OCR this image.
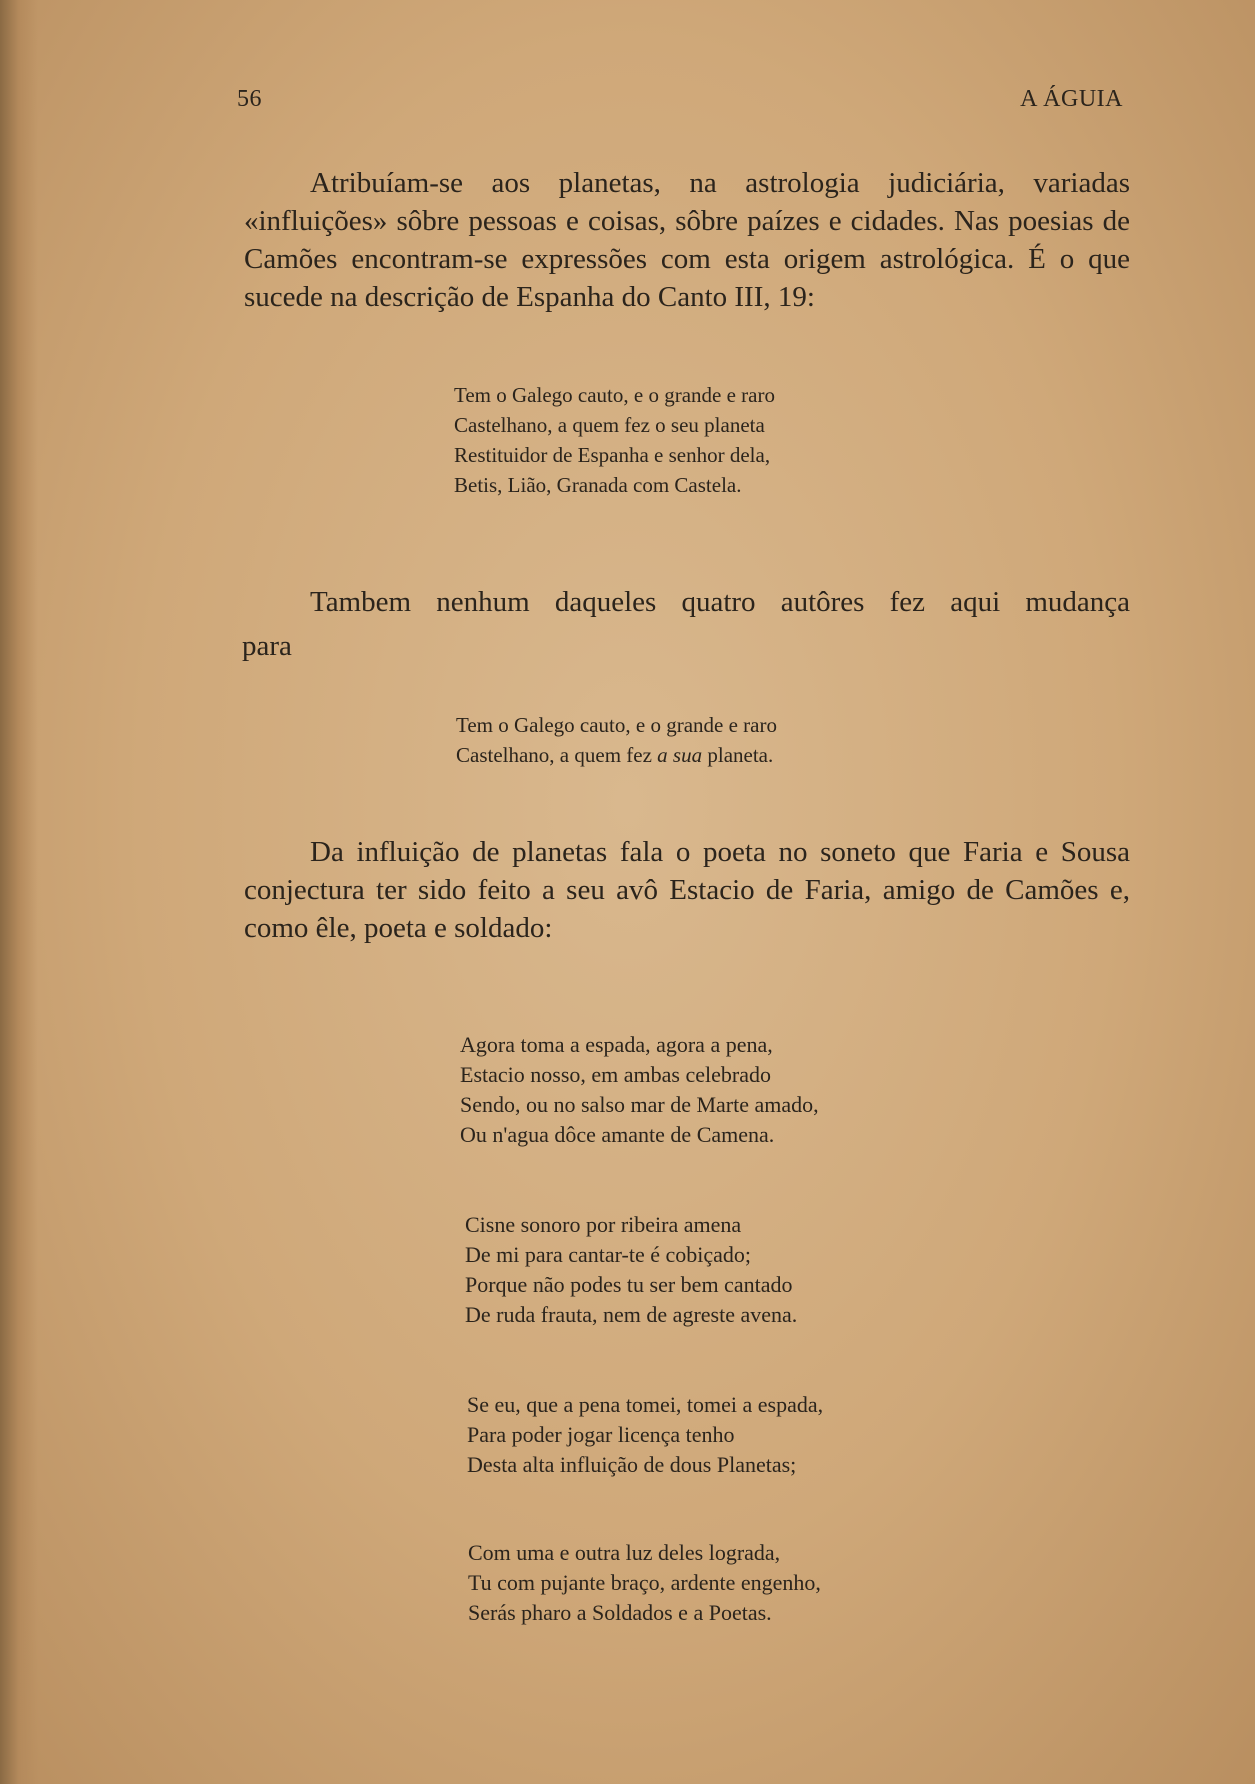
56	A ÁGUIA

Atribuíam-se aos planetas, na astrologia judiciária, variadas «influições» sôbre pessoas e coisas, sôbre paízes e cidades. Nas poesias de Camões encontram-se expressões com esta origem astrológica. É o que sucede na descrição de Espanha do Canto III, 19:

Tem o Galego cauto, e o grande e raro
Castelhano, a quem fez o seu planeta
Restituidor de Espanha e senhor dela,
Betis, Lião, Granada com Castela.

Tambem nenhum daqueles quatro autôres fez aqui mudança

para
Tem o Galego cauto, e o grande e raro
Castelhano, a quem fez a sua planeta.

Da influição de planetas fala o poeta no soneto que Faria e Sousa conjectura ter sido feito a seu avô Estacio de Faria, amigo de Camões e, como êle, poeta e soldado:

Agora toma a espada, agora a pena,
Estacio nosso, em ambas celebrado
Sendo, ou no salso mar de Marte amado,
Ou n'agua dôce amante de Camena.
Cisne sonoro por ribeira amena
De mi para cantar-te é cobiçado;
Porque não podes tu ser bem cantado
De ruda frauta, nem de agreste avena.
Se eu, que a pena tomei, tomei a espada,
Para poder jogar licença tenho
Desta alta influição de dous Planetas;
Com uma e outra luz deles lograda,
Tu com pujante braço, ardente engenho,
Serás pharo a Soldados e a Poetas.
